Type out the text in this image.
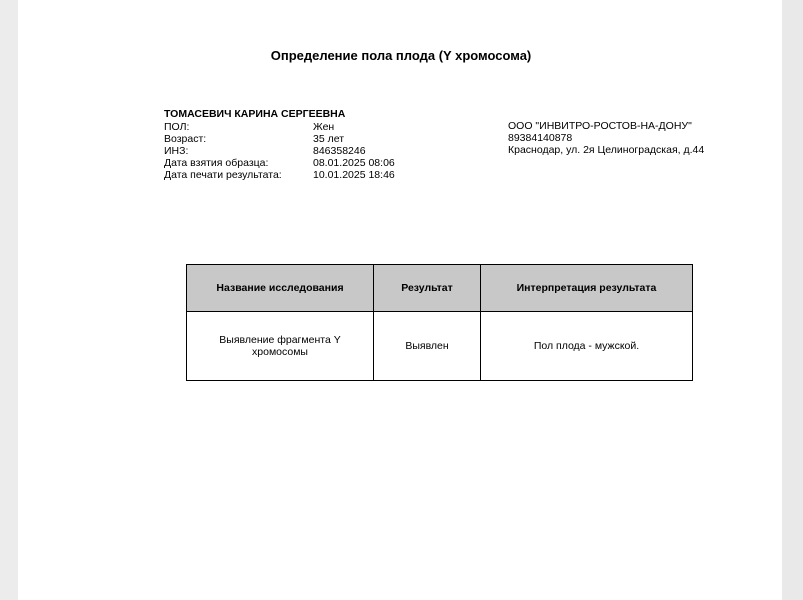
Определение пола плода (Y хромосома)
ТОМАСЕВИЧ КАРИНА СЕРГЕЕВНА
ПОЛ:	Жен
Возраст:	35 лет
ИНЗ:	846358246
Дата взятия образца:	08.01.2025 08:06
Дата печати результата:	10.01.2025 18:46
ООО "ИНВИТРО-РОСТОВ-НА-ДОНУ"
89384140878
Краснодар, ул. 2я Целиноградская, д.44
Название исследования	Результат	Интерпретация результата
Выявление фрагмента Y хромосомы	Выявлен	Пол плода - мужской.
